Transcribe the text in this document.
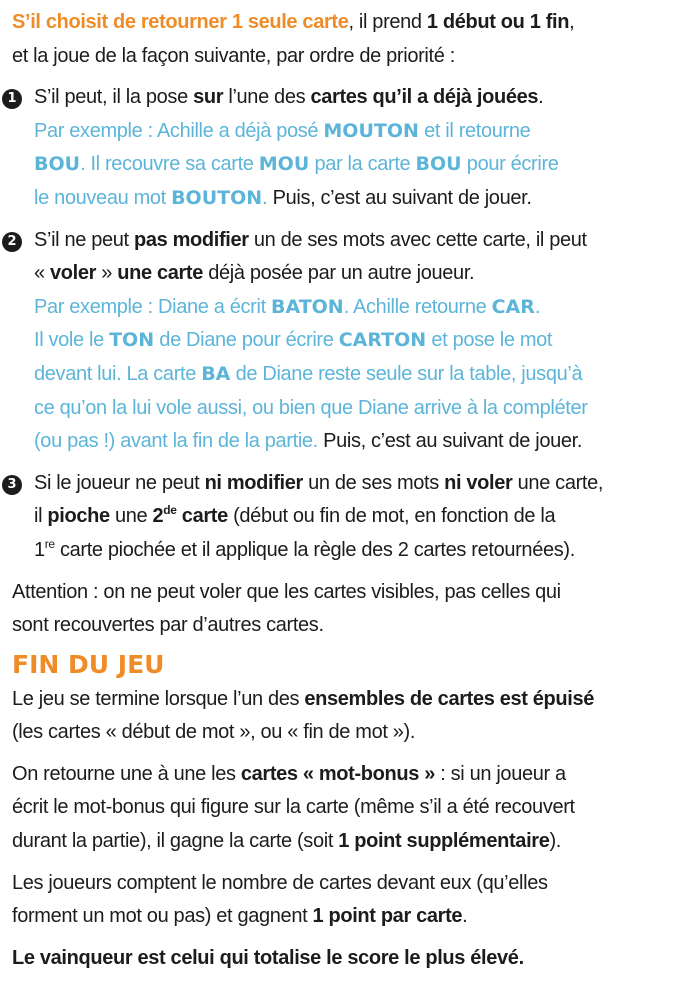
S’il choisit de retourner 1 seule carte, il prend 1 début ou 1 fin,
et la joue de la façon suivante, par ordre de priorité :

1 S’il peut, il la pose sur l’une des cartes qu’il a déjà jouées.
Par exemple : Achille a déjà posé MOUTON et il retourne
BOU. Il recouvre sa carte MOU par la carte BOU pour écrire
le nouveau mot BOUTON. Puis, c’est au suivant de jouer.
2 S’il ne peut pas modifier un de ses mots avec cette carte, il peut
« voler » une carte déjà posée par un autre joueur.
Par exemple : Diane a écrit BATON. Achille retourne CAR.
Il vole le TON de Diane pour écrire CARTON et pose le mot
devant lui. La carte BA de Diane reste seule sur la table, jusqu’à
ce qu’on la lui vole aussi, ou bien que Diane arrive à la compléter
(ou pas !) avant la fin de la partie. Puis, c’est au suivant de jouer.
3 Si le joueur ne peut ni modifier un de ses mots ni voler une carte,
il pioche une 2de carte (début ou fin de mot, en fonction de la
1re carte piochée et il applique la règle des 2 cartes retournées).

Attention : on ne peut voler que les cartes visibles, pas celles qui
sont recouvertes par d’autres cartes.

FIN DU JEU

Le jeu se termine lorsque l’un des ensembles de cartes est épuisé
(les cartes « début de mot », ou « fin de mot »).

On retourne une à une les cartes « mot-bonus » : si un joueur a
écrit le mot-bonus qui figure sur la carte (même s’il a été recouvert
durant la partie), il gagne la carte (soit 1 point supplémentaire).

Les joueurs comptent le nombre de cartes devant eux (qu’elles
forment un mot ou pas) et gagnent 1 point par carte.

Le vainqueur est celui qui totalise le score le plus élevé.
